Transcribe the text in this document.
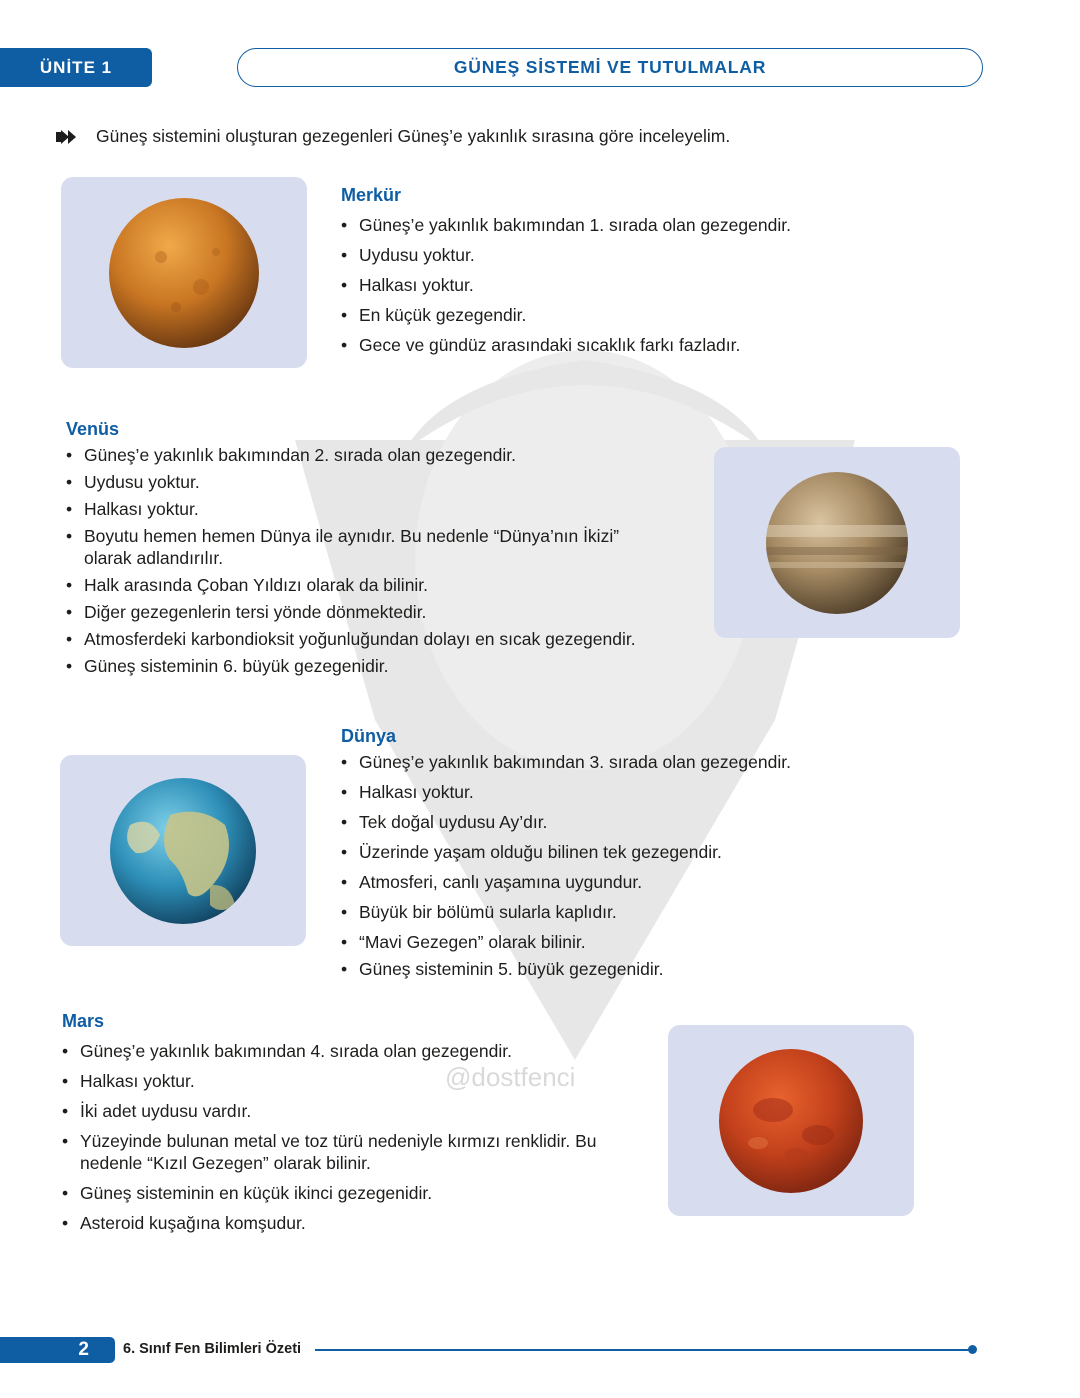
@dostfenci
ÜNİTE 1	GÜNEŞ SİSTEMİ VE TUTULMALAR
Güneş sistemini oluşturan gezegenleri Güneş’e yakınlık sırasına göre inceleyelim.
Merkür
• Güneş’e yakınlık bakımından 1. sırada olan gezegendir.
• Uydusu yoktur.
• Halkası yoktur.
• En küçük gezegendir.
• Gece ve gündüz arasındaki sıcaklık farkı fazladır.
Venüs
• Güneş’e yakınlık bakımından 2. sırada olan gezegendir.
• Uydusu yoktur.
• Halkası yoktur.
• Boyutu hemen hemen Dünya ile aynıdır. Bu nedenle “Dünya’nın İkizi” olarak adlandırılır.
• Halk arasında Çoban Yıldızı olarak da bilinir.
• Diğer gezegenlerin tersi yönde dönmektedir.
• Atmosferdeki karbondioksit yoğunluğundan dolayı en sıcak gezegendir.
• Güneş sisteminin 6. büyük gezegenidir.
Dünya
• Güneş’e yakınlık bakımından 3. sırada olan gezegendir.
• Halkası yoktur.
• Tek doğal uydusu Ay’dır.
• Üzerinde yaşam olduğu bilinen tek gezegendir.
• Atmosferi, canlı yaşamına uygundur.
• Büyük bir bölümü sularla kaplıdır.
• “Mavi Gezegen” olarak bilinir.
• Güneş sisteminin 5. büyük gezegenidir.
Mars
• Güneş’e yakınlık bakımından 4. sırada olan gezegendir.
• Halkası yoktur.
• İki adet uydusu vardır.
• Yüzeyinde bulunan metal ve toz türü nedeniyle kırmızı renklidir. Bu nedenle “Kızıl Gezegen” olarak bilinir.
• Güneş sisteminin en küçük ikinci gezegenidir.
• Asteroid kuşağına komşudur.
2	6. Sınıf Fen Bilimleri Özeti
